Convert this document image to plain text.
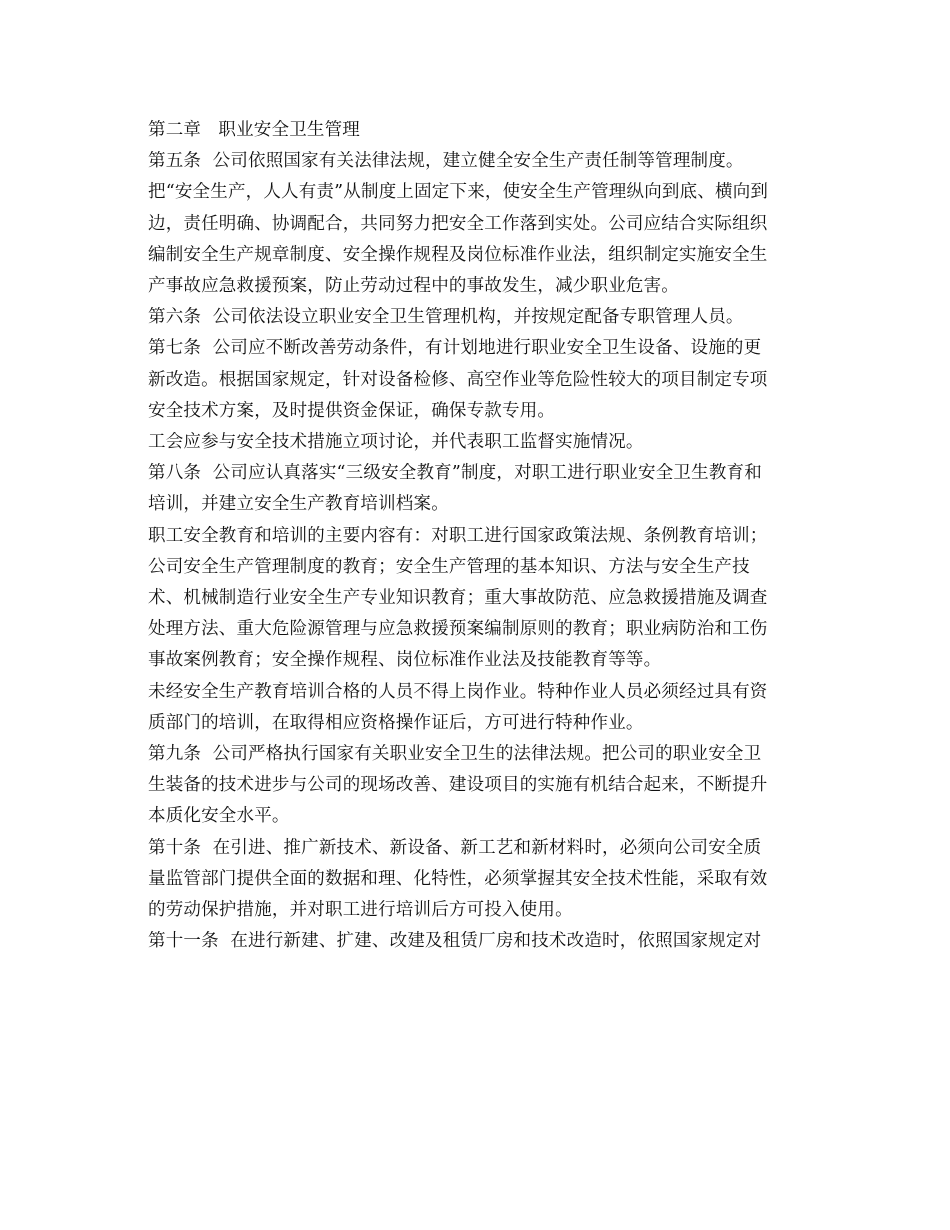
第二章   职业安全卫生管理

第五条  公司依照国家有关法律法规，建立健全安全生产责任制等管理制度。

把“安全生产，人人有责”从制度上固定下来，使安全生产管理纵向到底、横向到

边，责任明确、协调配合，共同努力把安全工作落到实处。公司应结合实际组织

编制安全生产规章制度、安全操作规程及岗位标准作业法，组织制定实施安全生

产事故应急救援预案，防止劳动过程中的事故发生，减少职业危害。

第六条  公司依法设立职业安全卫生管理机构，并按规定配备专职管理人员。

第七条  公司应不断改善劳动条件，有计划地进行职业安全卫生设备、设施的更

新改造。根据国家规定，针对设备检修、高空作业等危险性较大的项目制定专项

安全技术方案，及时提供资金保证，确保专款专用。

工会应参与安全技术措施立项讨论，并代表职工监督实施情况。

第八条  公司应认真落实“三级安全教育”制度，对职工进行职业安全卫生教育和

培训，并建立安全生产教育培训档案。

职工安全教育和培训的主要内容有：对职工进行国家政策法规、条例教育培训；

公司安全生产管理制度的教育；安全生产管理的基本知识、方法与安全生产技

术、机械制造行业安全生产专业知识教育；重大事故防范、应急救援措施及调查

处理方法、重大危险源管理与应急救援预案编制原则的教育；职业病防治和工伤

事故案例教育；安全操作规程、岗位标准作业法及技能教育等等。

未经安全生产教育培训合格的人员不得上岗作业。特种作业人员必须经过具有资

质部门的培训，在取得相应资格操作证后，方可进行特种作业。

第九条  公司严格执行国家有关职业安全卫生的法律法规。把公司的职业安全卫

生装备的技术进步与公司的现场改善、建设项目的实施有机结合起来，不断提升

本质化安全水平。

第十条  在引进、推广新技术、新设备、新工艺和新材料时，必须向公司安全质

量监管部门提供全面的数据和理、化特性，必须掌握其安全技术性能，采取有效

的劳动保护措施，并对职工进行培训后方可投入使用。

第十一条  在进行新建、扩建、改建及租赁厂房和技术改造时，依照国家规定对
